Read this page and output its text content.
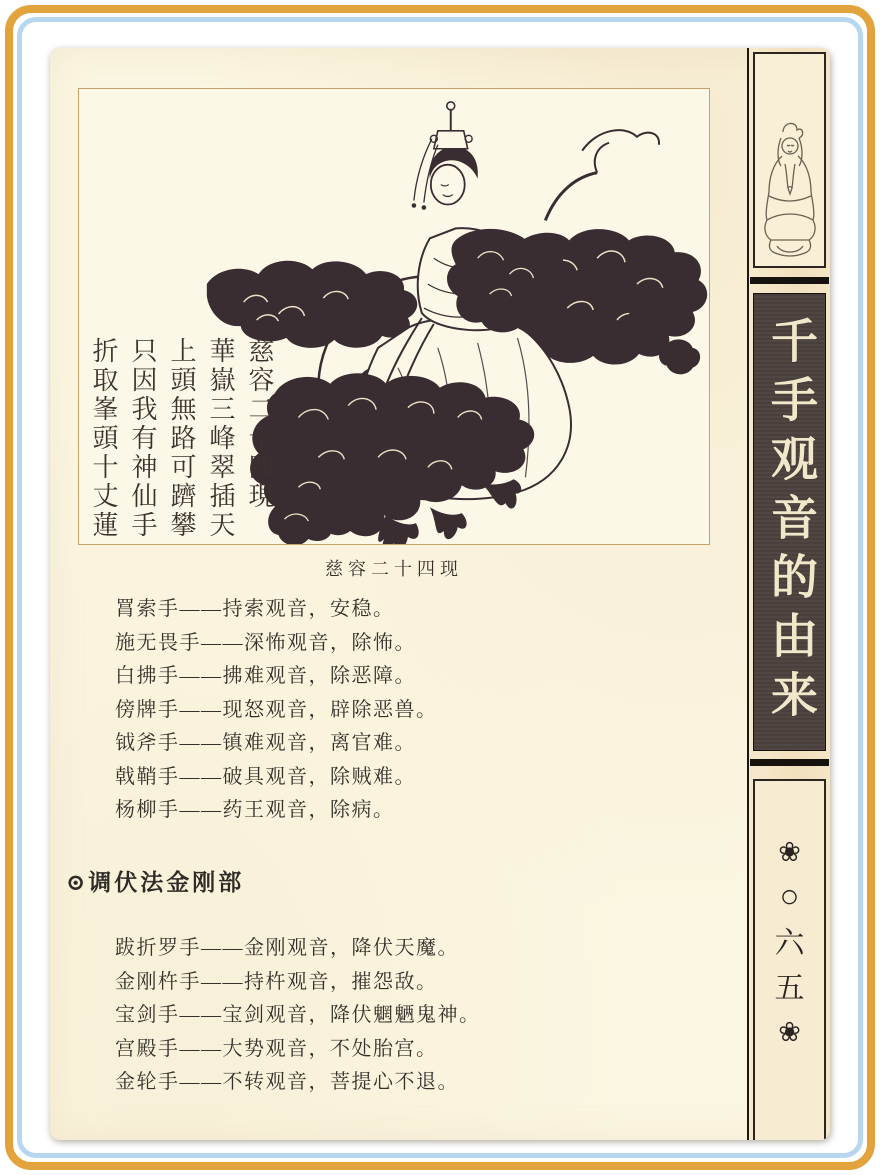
慈容二十四現
華嶽三峰翠插天
上頭無路可躋攀
只因我有神仙手
折取峯頭十丈蓮
慈容二十四现
罥索手——持索观音，安稳。
施无畏手——深怖观音，除怖。
白拂手——拂难观音，除恶障。
傍牌手——现怒观音，辟除恶兽。
钺斧手——镇难观音，离官难。
戟鞘手——破具观音，除贼难。
杨柳手——药王观音，除病。
⊙调伏法金刚部
跋折罗手——金刚观音，降伏天魔。
金刚杵手——持杵观音，摧怨敌。
宝剑手——宝剑观音，降伏魍魉鬼神。
宫殿手——大势观音，不处胎宫。
金轮手——不转观音，菩提心不退。
千手观音的由来
❀
○
六
五
❀
